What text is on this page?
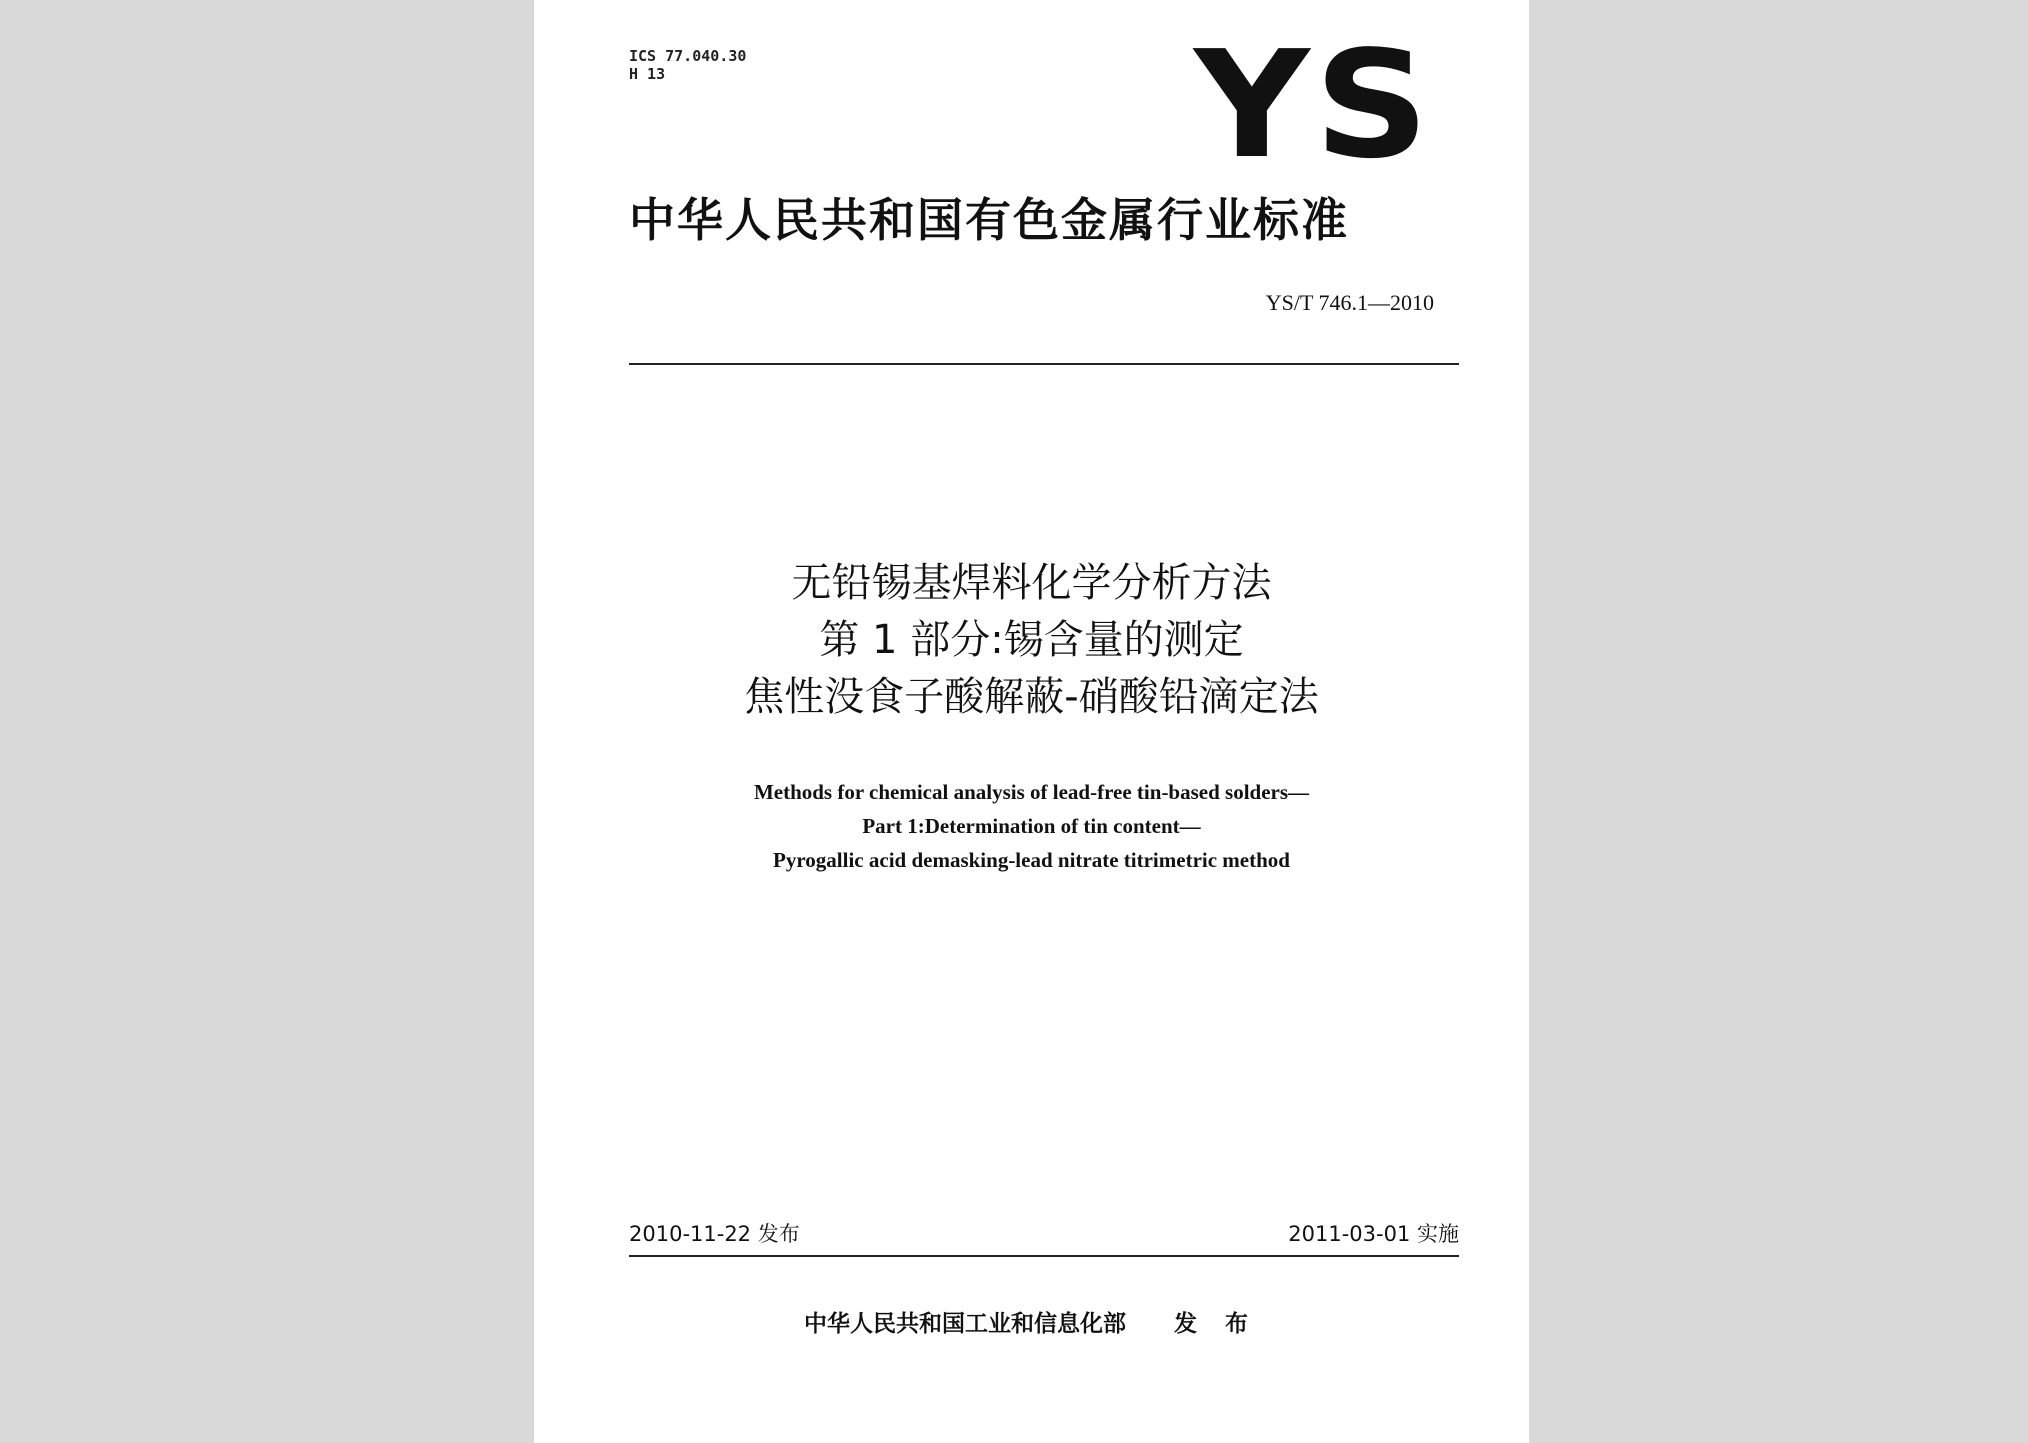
ICS 77.040.30
H 13	YS
中华人民共和国有色金属行业标准
YS/T 746.1—2010
无铅锡基焊料化学分析方法
第 1 部分:锡含量的测定
焦性没食子酸解蔽-硝酸铅滴定法
Methods for chemical analysis of lead-free tin-based solders—
Part 1:Determination of tin content—
Pyrogallic acid demasking-lead nitrate titrimetric method
2010-11-22 发布	2011-03-01 实施
中华人民共和国工业和信息化部 发 布
